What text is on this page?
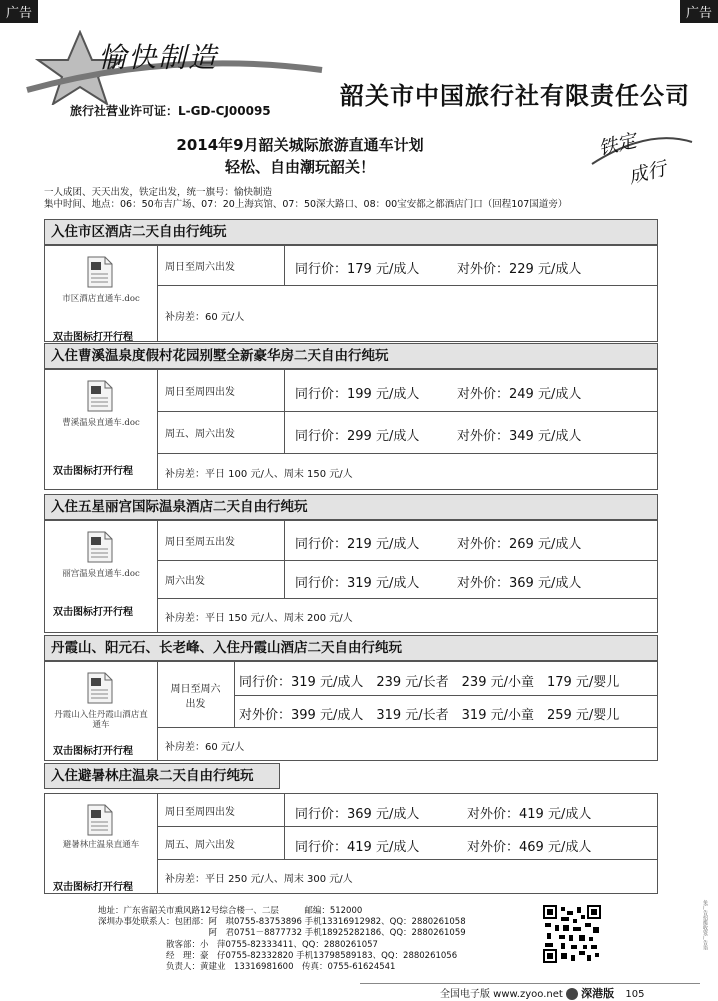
广告	广告
愉快制造
旅行社营业许可证：L-GD-CJ00095
韶关市中国旅行社有限责任公司
2014年9月韶关城际旅游直通车计划
轻松、自由潮玩韶关！
铁定
成行
一人成团、天天出发，铁定出发，统一旗号：愉快制造
集中时间、地点：06：50布吉广场、07：20上海宾馆、07：50深大路口、08：00宝安都之都酒店门口（回程107国道旁）
入住市区酒店二天自由行纯玩
市区酒店直通车.doc
双击图标打开行程
周日至周六出发	同行价：179 元/成人	对外价：229 元/成人
补房差：60 元/人
入住曹溪温泉度假村花园别墅全新豪华房二天自由行纯玩
曹溪温泉直通车.doc
双击图标打开行程
周日至周四出发	同行价：199 元/成人	对外价：249 元/成人
周五、周六出发	同行价：299 元/成人	对外价：349 元/成人
补房差：平日 100 元/人、周末 150 元/人
入住五星丽宫国际温泉酒店二天自由行纯玩
丽宫温泉直通车.doc
双击图标打开行程
周日至周五出发	同行价：219 元/成人	对外价：269 元/成人
周六出发	同行价：319 元/成人	对外价：369 元/成人
补房差：平日 150 元/人、周末 200 元/人
丹霞山、阳元石、长老峰、入住丹霞山酒店二天自由行纯玩
丹霞山入住丹霞山酒店直通车
双击图标打开行程
周日至周六出发
同行价：319 元/成人　239 元/长者　239 元/小童　179 元/婴儿
对外价：399 元/成人　319 元/长者　319 元/小童　259 元/婴儿
补房差：60 元/人
入住避暑林庄温泉二天自由行纯玩
避暑林庄温泉直通车
双击图标打开行程
周日至周四出发	同行价：369 元/成人	对外价：419 元/成人
周五、周六出发	同行价：419 元/成人	对外价：469 元/成人
补房差：平日 250 元/人、周末 300 元/人
地址：广东省韶关市熏风路12号综合楼一、二层　　　邮编：512000
深圳办事处联系人：包团部：阿　琪0755-83753896 手机13316912982、QQ：2880261058
　　　　　　　　　　　　　阿　君0751－8877732 手机18925282186、QQ：2880261059
　　　　　　　　散客部：小　萍0755-82333411、QQ：2880261057
　　　　　　　　经　理：豪　仔0755-82332820 手机13798589183、QQ：2880261056
　　　　　　　　负责人：黄建业　13316981600　传真：0755-61624541
免广告招揽收资广告语
全国电子版 www.zyoo.net 深港版 105
